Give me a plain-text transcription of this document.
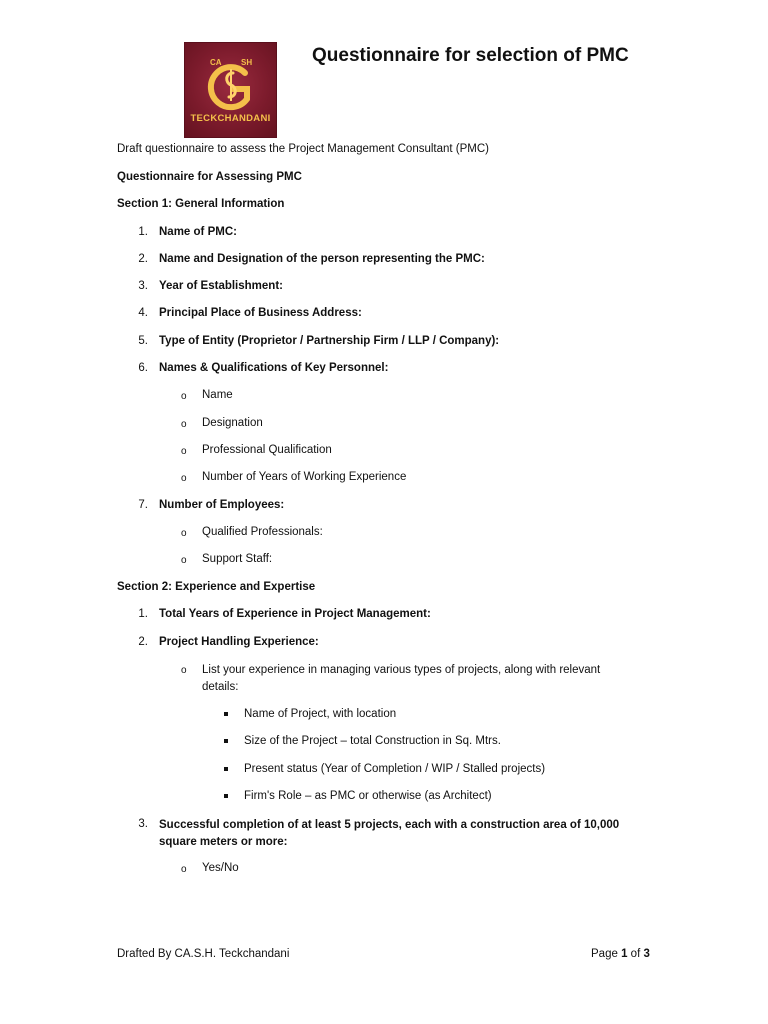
CA SH
TECKCHANDANI
Questionnaire for selection of PMC
Draft questionnaire to assess the Project Management Consultant (PMC)
Questionnaire for Assessing PMC
Section 1: General Information
1. Name of PMC:
2. Name and Designation of the person representing the PMC:
3. Year of Establishment:
4. Principal Place of Business Address:
5. Type of Entity (Proprietor / Partnership Firm / LLP / Company):
6. Names & Qualifications of Key Personnel:
o Name
o Designation
o Professional Qualification
o Number of Years of Working Experience
7. Number of Employees:
o Qualified Professionals:
o Support Staff:
Section 2: Experience and Expertise
1. Total Years of Experience in Project Management:
2. Project Handling Experience:
o List your experience in managing various types of projects, along with relevant details:
Name of Project, with location
Size of the Project – total Construction in Sq. Mtrs.
Present status (Year of Completion / WIP / Stalled projects)
Firm's Role – as PMC or otherwise (as Architect)
3. Successful completion of at least 5 projects, each with a construction area of 10,000 square meters or more:
o Yes/No
Drafted By CA.S.H. Teckchandani	Page 1 of 3
